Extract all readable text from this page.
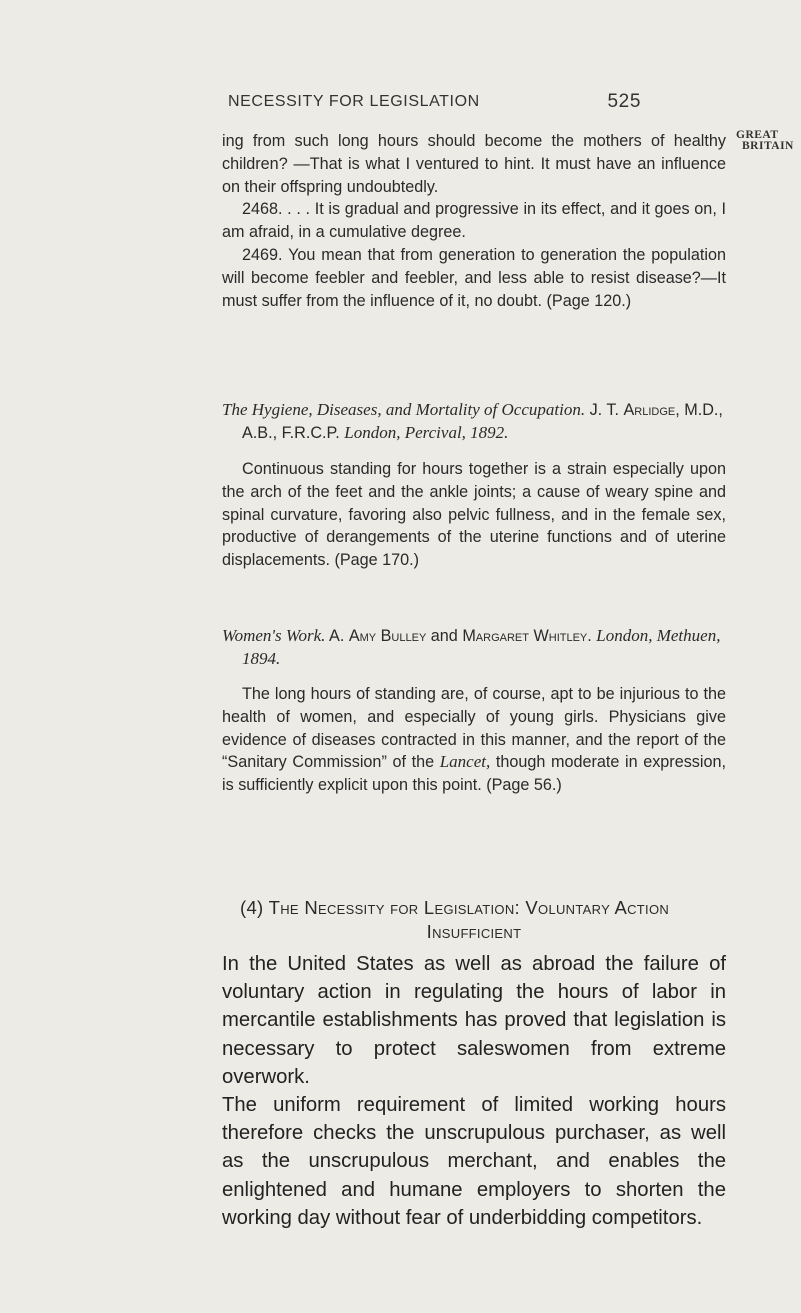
NECESSITY FOR LEGISLATION	525
GREAT
BRITAIN

ing from such long hours should become the mothers of healthy children? —That is what I ventured to hint. It must have an influence on their offspring undoubtedly.

2468. . . . It is gradual and progressive in its effect, and it goes on, I am afraid, in a cumulative degree.

2469. You mean that from generation to generation the population will become feebler and feebler, and less able to resist disease?—It must suffer from the influence of it, no doubt. (Page 120.)

The Hygiene, Diseases, and Mortality of Occupation. J. T. Arlidge, M.D., A.B., F.R.C.P. London, Percival, 1892.

Continuous standing for hours together is a strain especially upon the arch of the feet and the ankle joints; a cause of weary spine and spinal curvature, favoring also pelvic fullness, and in the female sex, productive of derangements of the uterine functions and of uterine displacements. (Page 170.)

Women's Work. A. Amy Bulley and Margaret Whitley. London, Methuen, 1894.

The long hours of standing are, of course, apt to be injurious to the health of women, and especially of young girls. Physicians give evidence of diseases contracted in this manner, and the report of the “Sanitary Commission” of the Lancet, though moderate in expression, is sufficiently explicit upon this point. (Page 56.)

(4) The Necessity for Legislation: Voluntary Action
Insufficient

In the United States as well as abroad the failure of voluntary action in regulating the hours of labor in mercantile establishments has proved that legislation is necessary to protect saleswomen from extreme overwork.

The uniform requirement of limited working hours therefore checks the unscrupulous purchaser, as well as the unscrupulous merchant, and enables the enlightened and humane employers to shorten the working day without fear of underbidding competitors.
